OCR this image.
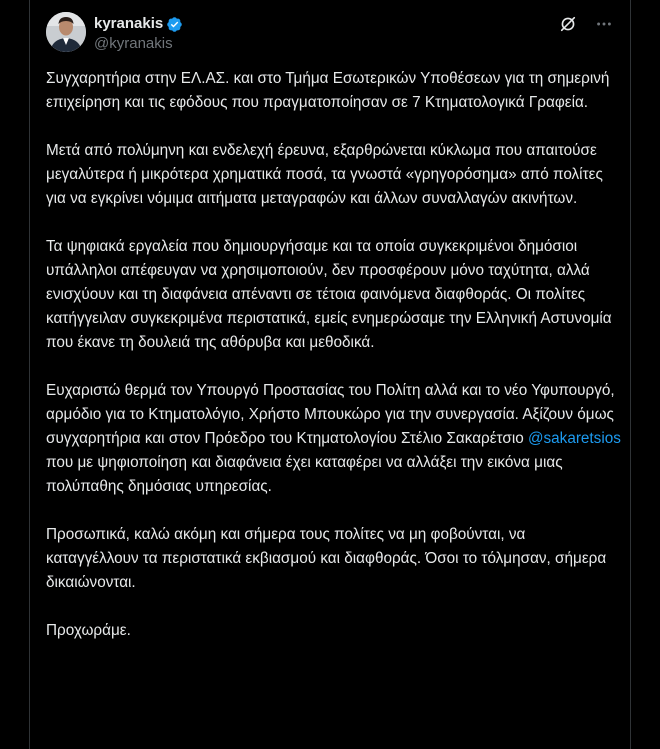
kyranakis
@kyranakis

Συγχαρητήρια στην ΕΛ.ΑΣ. και στο Τμήμα Εσωτερικών Υποθέσεων για τη σημερινή επιχείρηση και τις εφόδους που πραγματοποίησαν σε 7 Κτηματολογικά Γραφεία.

Μετά από πολύμηνη και ενδελεχή έρευνα, εξαρθρώνεται κύκλωμα που απαιτούσε μεγαλύτερα ή μικρότερα χρηματικά ποσά, τα γνωστά «γρηγορόσημα» από πολίτες για να εγκρίνει νόμιμα αιτήματα μεταγραφών και άλλων συναλλαγών ακινήτων.

Τα ψηφιακά εργαλεία που δημιουργήσαμε και τα οποία συγκεκριμένοι δημόσιοι υπάλληλοι απέφευγαν να χρησιμοποιούν, δεν προσφέρουν μόνο ταχύτητα, αλλά ενισχύουν και τη διαφάνεια απέναντι σε τέτοια φαινόμενα διαφθοράς. Οι πολίτες κατήγγειλαν συγκεκριμένα περιστατικά, εμείς ενημερώσαμε την Ελληνική Αστυνομία που έκανε τη δουλειά της αθόρυβα και μεθοδικά.

Ευχαριστώ θερμά τον Υπουργό Προστασίας του Πολίτη αλλά και το νέο Υφυπουργό, αρμόδιο για το Κτηματολόγιο, Χρήστο Μπουκώρο για την συνεργασία. Αξίζουν όμως συγχαρητήρια και στον Πρόεδρο του Κτηματολογίου Στέλιο Σακαρέτσιο @sakaretsios που με ψηφιοποίηση και διαφάνεια έχει καταφέρει να αλλάξει την εικόνα μιας πολύπαθης δημόσιας υπηρεσίας.

Προσωπικά, καλώ ακόμη και σήμερα τους πολίτες να μη φοβούνται, να καταγγέλλουν τα περιστατικά εκβιασμού και διαφθοράς. Όσοι το τόλμησαν, σήμερα δικαιώνονται.

Προχωράμε.
